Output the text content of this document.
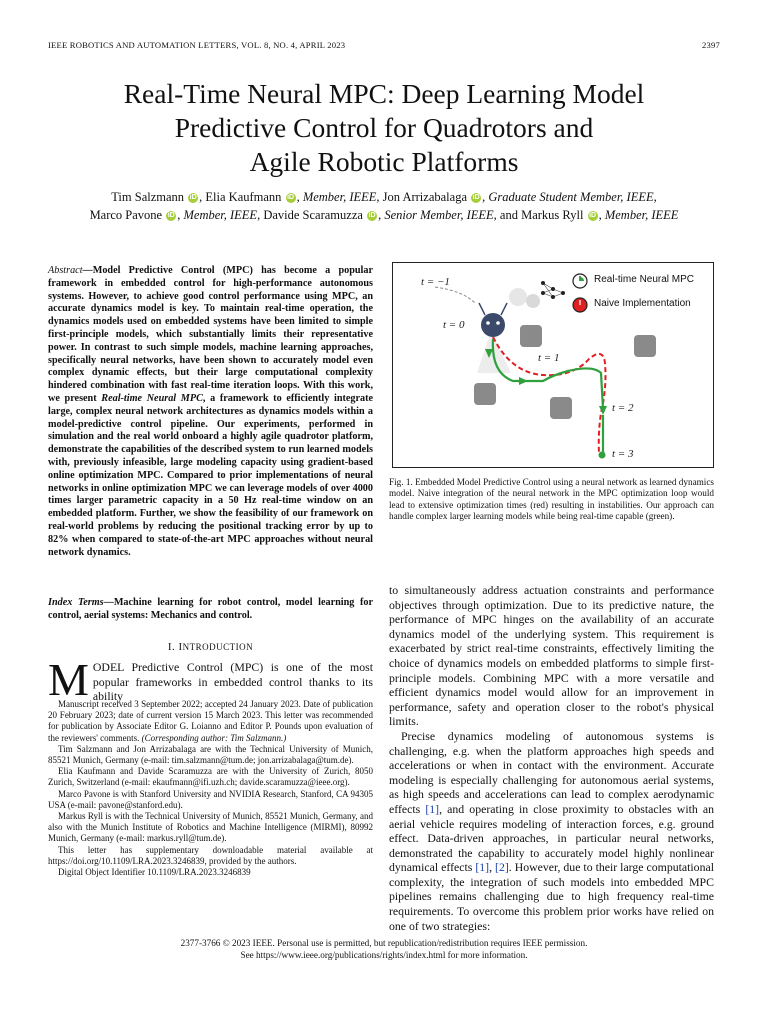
IEEE ROBOTICS AND AUTOMATION LETTERS, VOL. 8, NO. 4, APRIL 2023	2397
Real-Time Neural MPC: Deep Learning Model
Predictive Control for Quadrotors and
Agile Robotic Platforms
Tim Salzmann iD , Elia Kaufmann iD , Member, IEEE, Jon Arrizabalaga iD , Graduate Student Member, IEEE,
Marco Pavone iD , Member, IEEE, Davide Scaramuzza iD , Senior Member, IEEE, and Markus Ryll iD , Member, IEEE
Abstract—Model Predictive Control (MPC) has become a popular framework in embedded control for high-performance autonomous systems. However, to achieve good control performance using MPC, an accurate dynamics model is key. To maintain real-time operation, the dynamics models used on embedded systems have been limited to simple first-principle models, which substantially limits their representative power. In contrast to such simple models, machine learning approaches, specifically neural networks, have been shown to accurately model even complex dynamic effects, but their large computational complexity hindered combination with fast real-time iteration loops. With this work, we present Real-time Neural MPC, a framework to efficiently integrate large, complex neural network architectures as dynamics models within a model-predictive control pipeline. Our experiments, performed in simulation and the real world onboard a highly agile quadrotor platform, demonstrate the capabilities of the described system to run learned models with, previously infeasible, large modeling capacity using gradient-based online optimization MPC. Compared to prior implementations of neural networks in online optimization MPC we can leverage models of over 4000 times larger parametric capacity in a 50 Hz real-time window on an embedded platform. Further, we show the feasibility of our framework on real-world problems by reducing the positional tracking error by up to 82% when compared to state-of-the-art MPC approaches without neural network dynamics.
Index Terms—Machine learning for robot control, model learning for control, aerial systems: Mechanics and control.
I. INTRODUCTION
MODEL Predictive Control (MPC) is one of the most popular frameworks in embedded control thanks to its ability

Manuscript received 3 September 2022; accepted 24 January 2023. Date of publication 20 February 2023; date of current version 15 March 2023. This letter was recommended for publication by Associate Editor G. Loianno and Editor P. Pounds upon evaluation of the reviewers' comments. (Corresponding author: Tim Salzmann.)

Tim Salzmann and Jon Arrizabalaga are with the Technical University of Munich, 85521 Munich, Germany (e-mail: tim.salzmann@tum.de; jon.arrizabalaga@tum.de).

Elia Kaufmann and Davide Scaramuzza are with the University of Zurich, 8050 Zurich, Switzerland (e-mail: ekaufmann@ifi.uzh.ch; davide.scaramuzza@ieee.org).

Marco Pavone is with Stanford University and NVIDIA Research, Stanford, CA 94305 USA (e-mail: pavone@stanford.edu).

Markus Ryll is with the Technical University of Munich, 85521 Munich, Germany, and also with the Munich Institute of Robotics and Machine Intelligence (MIRMI), 80992 Munich, Germany (e-mail: markus.ryll@tum.de).

This letter has supplementary downloadable material available at https://doi.org/10.1109/LRA.2023.3246839, provided by the authors.

Digital Object Identifier 10.1109/LRA.2023.3246839

Real-time Neural MPC
Naive Implementation
t = −1
t = 0
t = 1
t = 2
t = 3
Fig. 1. Embedded Model Predictive Control using a neural network as learned dynamics model. Naive integration of the neural network in the MPC optimization loop would lead to extensive optimization times (red) resulting in instabilities. Our approach can handle complex larger learning models while being real-time capable (green).

to simultaneously address actuation constraints and performance objectives through optimization. Due to its predictive nature, the performance of MPC hinges on the availability of an accurate dynamics model of the underlying system. This requirement is exacerbated by strict real-time constraints, effectively limiting the choice of dynamics models on embedded platforms to simple first-principle models. Combining MPC with a more versatile and efficient dynamics model would allow for an improvement in performance, safety and operation closer to the robot's physical limits.

Precise dynamics modeling of autonomous systems is challenging, e.g. when the platform approaches high speeds and accelerations or when in contact with the environment. Accurate modeling is especially challenging for autonomous aerial systems, as high speeds and accelerations can lead to complex aerodynamic effects [1], and operating in close proximity to obstacles with an aerial vehicle requires modeling of interaction forces, e.g. ground effect. Data-driven approaches, in particular neural networks, demonstrated the capability to accurately model highly nonlinear dynamical effects [1], [2]. However, due to their large computational complexity, the integration of such models into embedded MPC pipelines remains challenging due to high frequency real-time requirements. To overcome this problem prior works have relied on one of two strategies:

2377-3766 © 2023 IEEE. Personal use is permitted, but republication/redistribution requires IEEE permission.
See https://www.ieee.org/publications/rights/index.html for more information.
